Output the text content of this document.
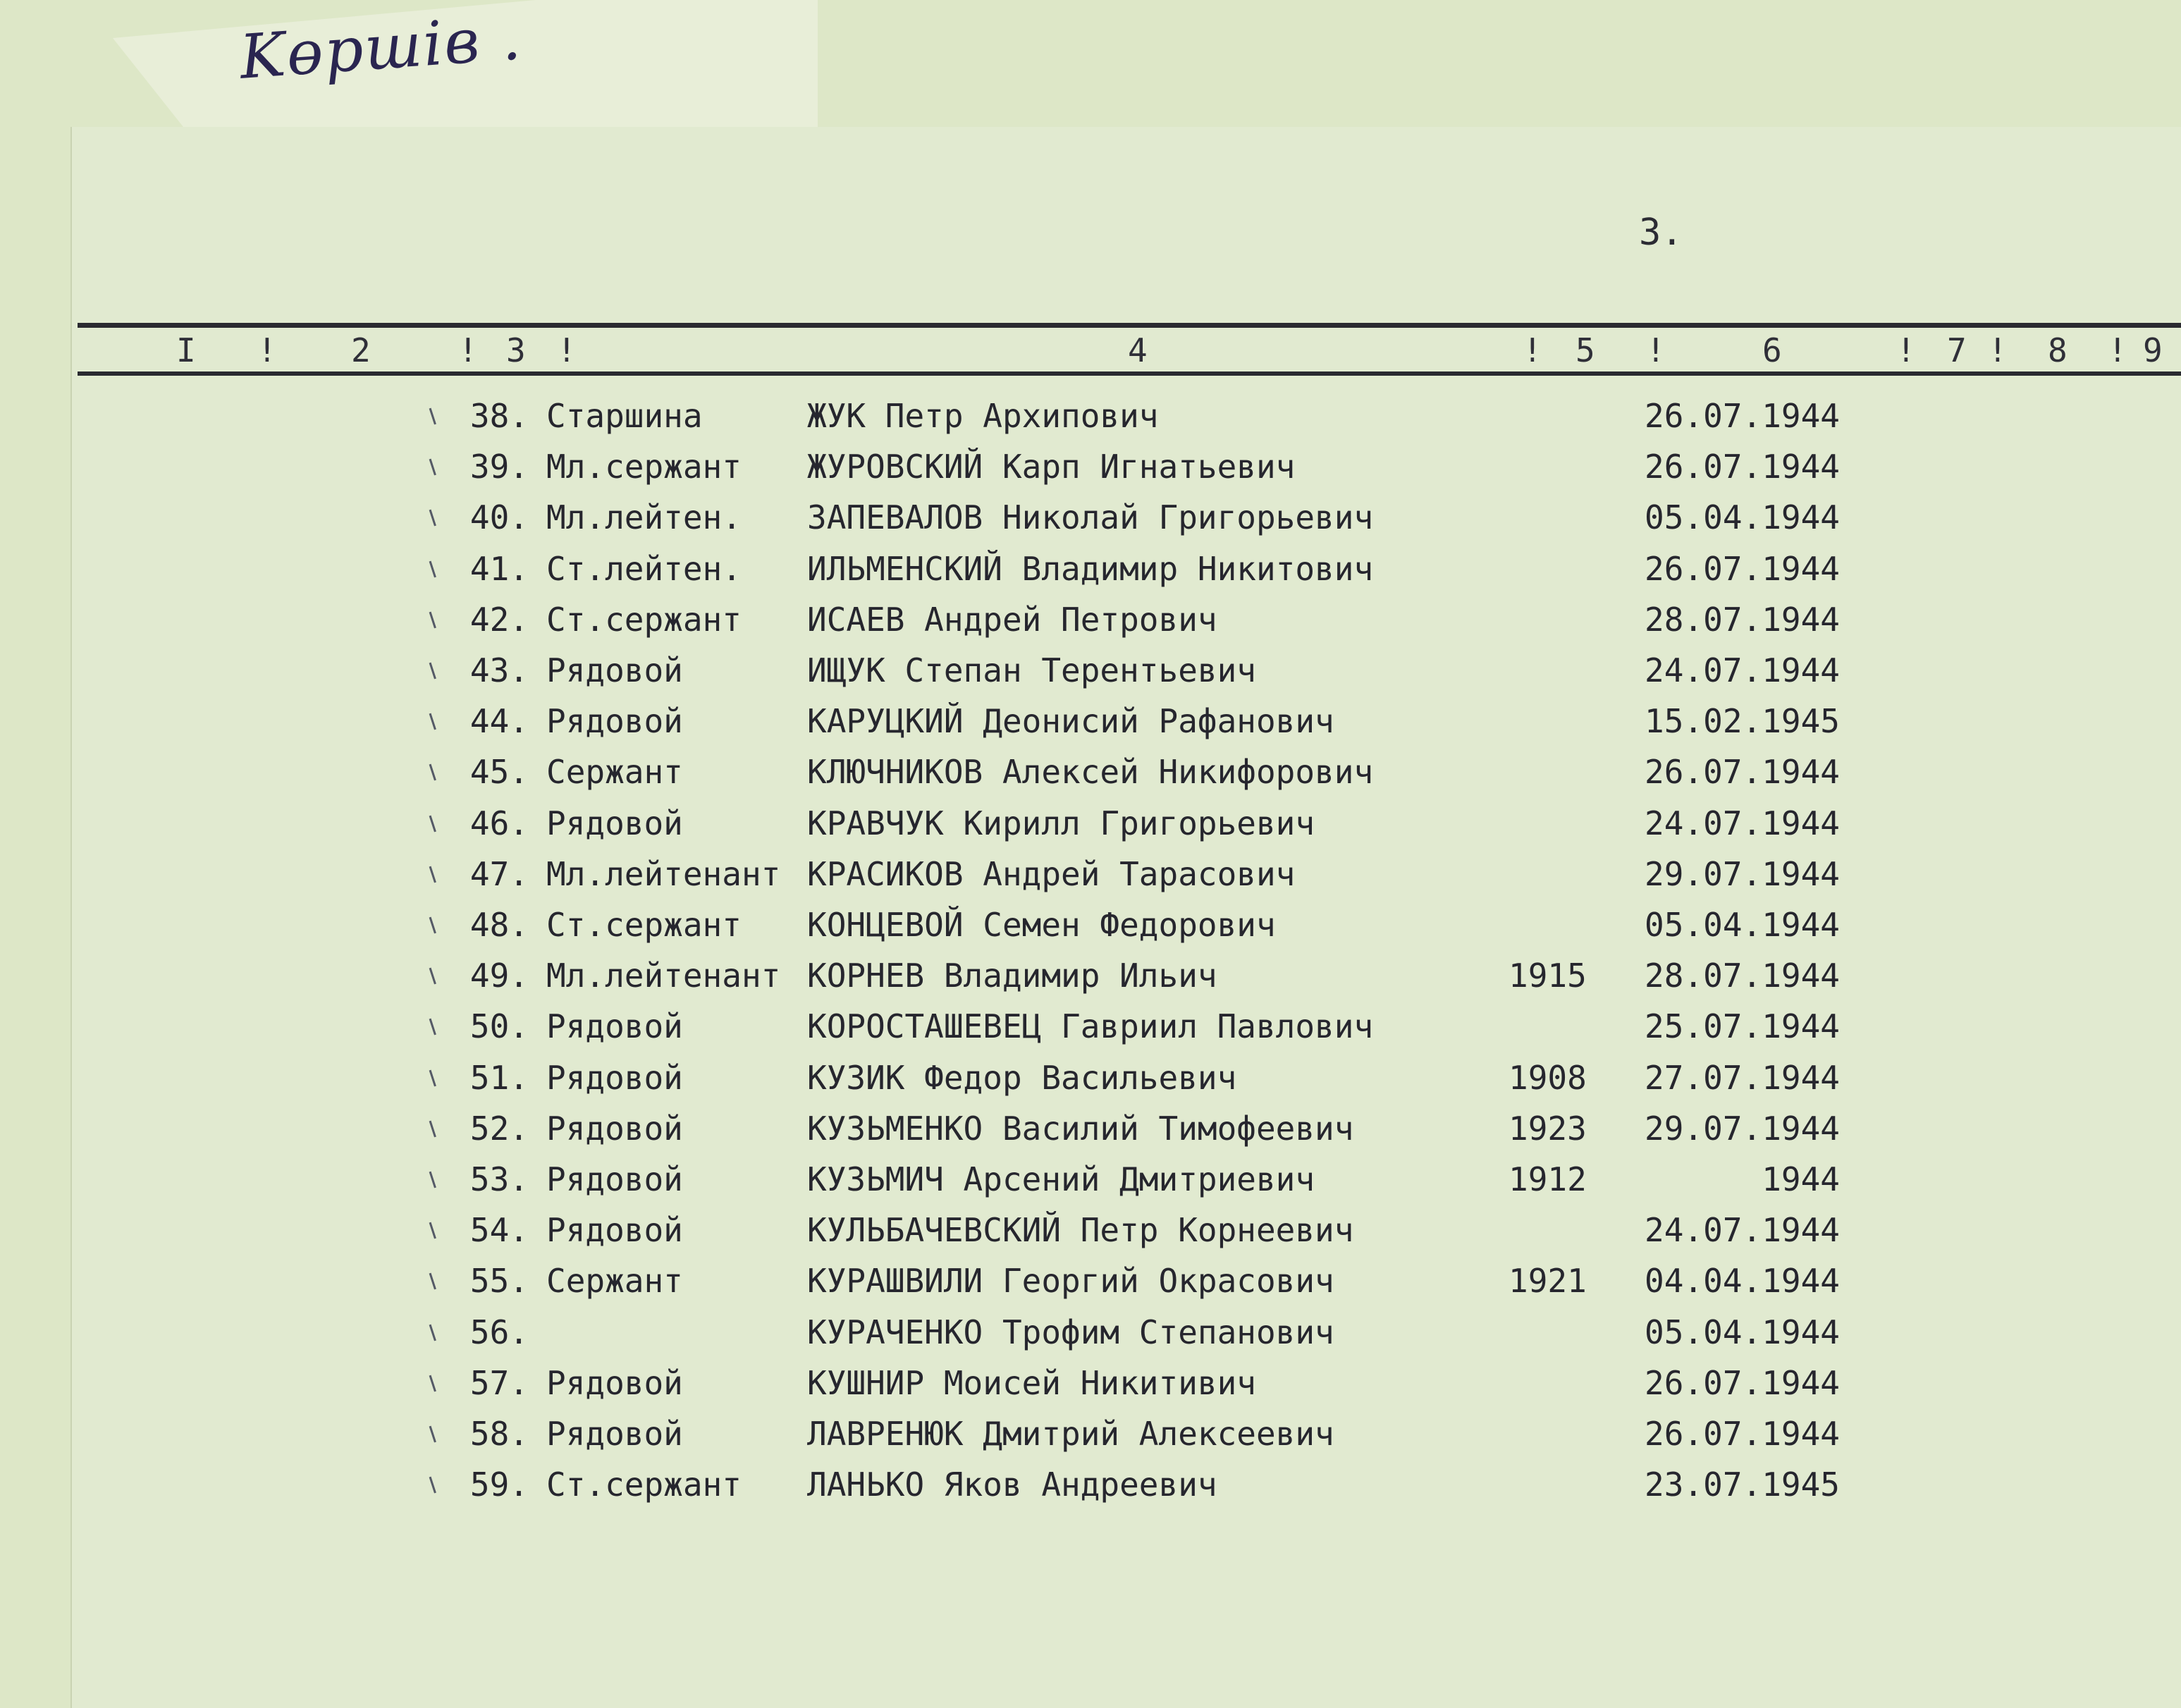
Κөршів .

3.

I ! 2	! 3 !	4	! 5 !	6	! 7 ! 8 ! 9
38. Старшина	ЖУК Петр Архипович	26.07.1944
39. Мл.сержант ЖУРОВСКИЙ Карп Игнатьевич	26.07.1944
40. Мл.лейтен. ЗАПЕВАЛОВ Николай Григорьевич	05.04.1944
41. Ст.лейтен. ИЛЬМЕНСКИЙ Владимир Никитович	26.07.1944
42. Ст.сержант ИСАЕВ Андрей Петрович	28.07.1944
43. Рядовой	ИЩУК Степан Терентьевич	24.07.1944
44. Рядовой	КАРУЦКИЙ Деонисий Рафанович	15.02.1945
45. Сержант	КЛЮЧНИКОВ Алексей Никифорович	26.07.1944
46. Рядовой	КРАВЧУК Кирилл Григорьевич	24.07.1944
47. Мл.лейтенант КРАСИКОВ Андрей Тарасович	29.07.1944
48. Ст.сержант КОНЦЕВОЙ Семен Федорович	05.04.1944
49. Мл.лейтенант КОРНЕВ Владимир Ильич	1915	28.07.1944
50. Рядовой	КОРОСТАШЕВЕЦ Гавриил Павлович	25.07.1944
51. Рядовой	КУЗИК Федор Васильевич	1908	27.07.1944
52. Рядовой	КУЗЬМЕНКО Василий Тимофеевич	1923	29.07.1944
53. Рядовой	КУЗЬМИЧ Арсений Дмитриевич	1912	1944
54. Рядовой	КУЛЬБАЧЕВСКИЙ Петр Корнеевич	24.07.1944
55. Сержант	КУРАШВИЛИ Георгий Окрасович	1921	04.04.1944
56.	КУРАЧЕНКО Трофим Степанович	05.04.1944
57. Рядовой	КУШНИР Моисей Никитивич	26.07.1944
58. Рядовой	ЛАВРЕНЮК Дмитрий Алексеевич	26.07.1944
59. Ст.сержант ЛАНЬКО Яков Андреевич	23.07.1945
